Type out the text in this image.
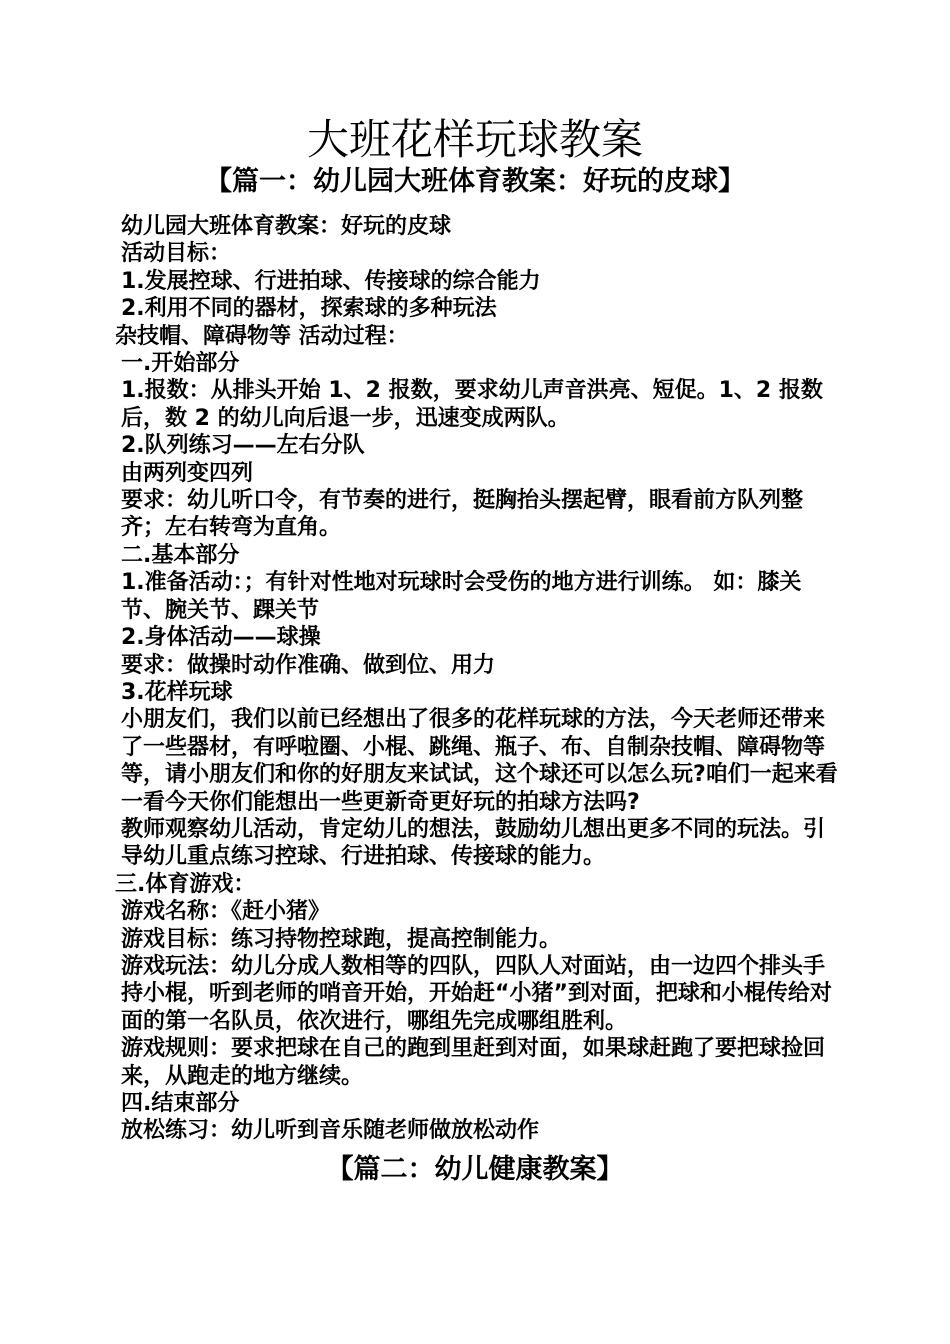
大班花样玩球教案
【篇一：幼儿园大班体育教案：好玩的皮球】

幼儿园大班体育教案：好玩的皮球

活动目标：

1.发展控球、行进拍球、传接球的综合能力

2.利用不同的器材，探索球的多种玩法

杂技帽、障碍物等 活动过程：

一.开始部分

1.报数：从排头开始 1、2 报数，要求幼儿声音洪亮、短促。1、2 报数后，数 2 的幼儿向后退一步，迅速变成两队。

2.队列练习——左右分队

由两列变四列

要求：幼儿听口令，有节奏的进行，挺胸抬头摆起臂，眼看前方队列整齐；左右转弯为直角。

二.基本部分

1.准备活动：；有针对性地对玩球时会受伤的地方进行训练。 如：膝关节、腕关节、踝关节

2.身体活动——球操

要求：做操时动作准确、做到位、用力

3.花样玩球

小朋友们，我们以前已经想出了很多的花样玩球的方法，今天老师还带来了一些器材，有呼啦圈、小棍、跳绳、瓶子、布、自制杂技帽、障碍物等等，请小朋友们和你的好朋友来试试，这个球还可以怎么玩?咱们一起来看一看今天你们能想出一些更新奇更好玩的拍球方法吗?

教师观察幼儿活动，肯定幼儿的想法，鼓励幼儿想出更多不同的玩法。引导幼儿重点练习控球、行进拍球、传接球的能力。

三.体育游戏：

游戏名称：《赶小猪》

游戏目标：练习持物控球跑，提高控制能力。

游戏玩法：幼儿分成人数相等的四队，四队人对面站，由一边四个排头手持小棍，听到老师的哨音开始，开始赶“小猪”到对面，把球和小棍传给对面的第一名队员，依次进行，哪组先完成哪组胜利。

游戏规则：要求把球在自己的跑到里赶到对面，如果球赶跑了要把球捡回来，从跑走的地方继续。

四.结束部分

放松练习：幼儿听到音乐随老师做放松动作

【篇二：幼儿健康教案】
